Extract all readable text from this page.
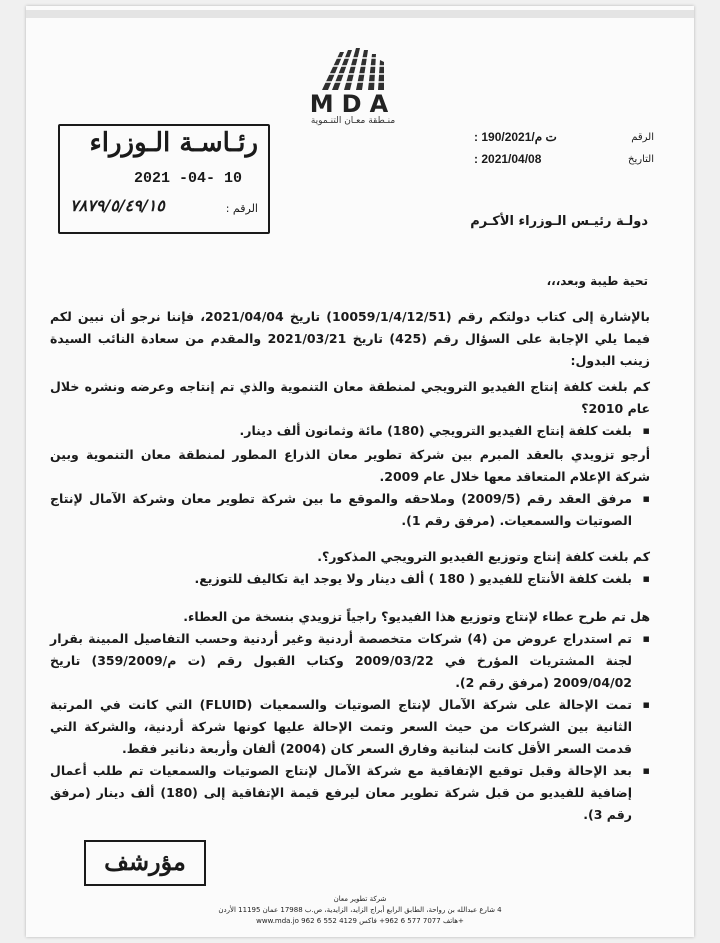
MDA
منـطقة معـان التنـموية
رئـاسـة الـوزراء
2021 -04- 10
الرقم :
٧٨٧٩/٥/٤٩/١٥
الرقم
ت م/190/2021 :
التاريخ
2021/04/08 :
دولـة رئيـس الـوزراء الأكـرم
تحية طيبة وبعد،،،
بالإشارة إلى كتاب دولتكم رقم (10059/1/4/12/51) تاريخ 2021/04/04، فإننا نرجو أن نبين لكم فيما يلي الإجابة على السؤال رقم (425) تاريخ 2021/03/21 والمقدم من سعادة النائب السيدة زينب البدول:
كم بلغت كلفة إنتاج الفيديو الترويجي لمنطقة معان التنموية والذي تم إنتاجه وعرضه ونشره خلال عام 2010؟
▪ بلغت كلفة إنتاج الفيديو الترويجي (180) مائة وثمانون ألف دينار.
أرجو تزويدي بالعقد المبرم بين شركة تطوير معان الذراع المطور لمنطقة معان التنموية وبين شركة الإعلام المتعاقد معها خلال عام 2009.
▪ مرفق العقد رقم (2009/5) وملاحقه والموقع ما بين شركة تطوير معان وشركة الآمال لإنتاج الصوتيات والسمعيات. (مرفق رقم 1).
كم بلغت كلفة إنتاج وتوزيع الفيديو الترويجي المذكور؟.
▪ بلغت كلفة الأنتاج للفيديو ( 180 ) ألف دينار ولا يوجد اية تكاليف للتوزيع.
هل تم طرح عطاء لإنتاج وتوزيع هذا الفيديو؟ راجياً تزويدي بنسخة من العطاء.
▪ تم استدراج عروض من (4) شركات متخصصة أردنية وغير أردنية وحسب التفاصيل المبينة بقرار لجنة المشتريات المؤرخ في 2009/03/22 وكتاب القبول رقم (ت م/359/2009) تاريخ 2009/04/02 (مرفق رقم 2).
▪ تمت الإحالة على شركة الآمال لإنتاج الصوتيات والسمعيات (FLUID) التي كانت في المرتبة الثانية بين الشركات من حيث السعر وتمت الإحالة عليها كونها شركة أردنية، والشركة التي قدمت السعر الأقل كانت لبنانية وفارق السعر كان (2004) ألفان وأربعة دنانير فقط.
▪ بعد الإحالة وقبل توقيع الإتفاقية مع شركة الآمال لإنتاج الصوتيات والسمعيات تم طلب أعمال إضافية للفيديو من قبل شركة تطوير معان ليرفع قيمة الإتفاقية إلى (180) ألف دينار (مرفق رقم 3).
مؤرشف
شركة تطوير معان
4 شارع عبدالله بن رواحة، الطابق الرابع أبراج الزايد، الزايدية، ص.ب 17988 عمان 11195 الأردن
www.mda.jo هاتف 7077 577 6 962+ فاكس 4129 552 6 962+
